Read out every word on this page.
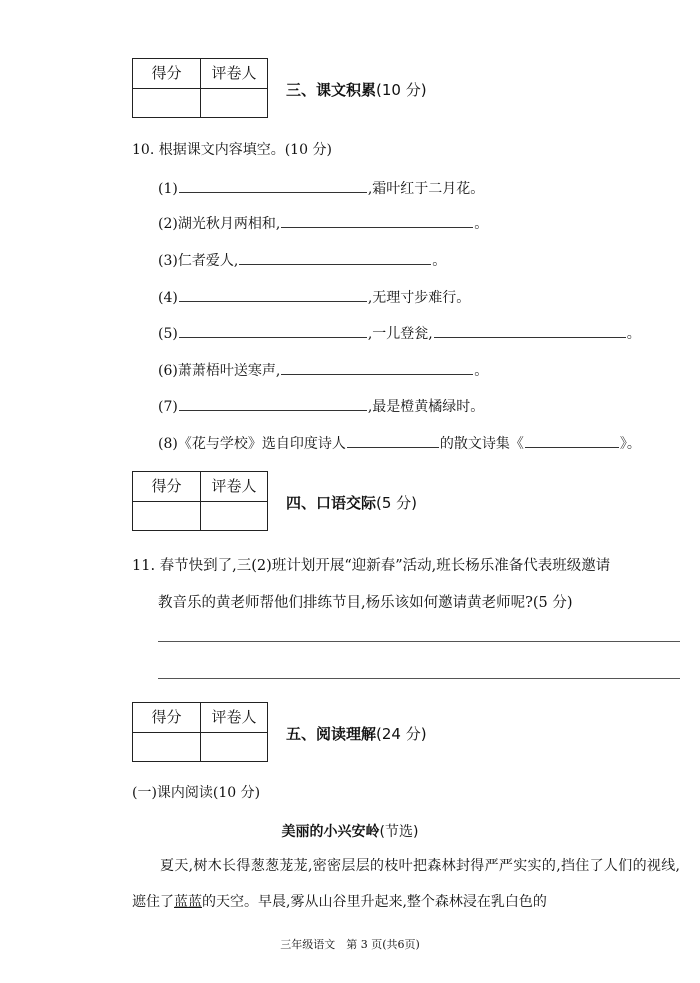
得分	评卷人
三、课文积累(10 分)
10. 根据课文内容填空。(10 分)
(1)	,霜叶红于二月花。
(2)湖光秋月两相和,	。
(3)仁者爱人,	。
(4)	,无理寸步难行。
(5)	,一儿登瓮,	。
(6)萧萧梧叶送寒声,	。
(7)	,最是橙黄橘绿时。
(8)《花与学校》选自印度诗人	的散文诗集《	》。
得分	评卷人
四、口语交际(5 分)
11. 春节快到了,三(2)班计划开展“迎新春”活动,班长杨乐准备代表班级邀请
教音乐的黄老师帮他们排练节目,杨乐该如何邀请黄老师呢?(5 分)
得分	评卷人
五、阅读理解(24 分)
(一)课内阅读(10 分)
美丽的小兴安岭(节选)
夏天,树木长得葱葱茏茏,密密层层的枝叶把森林封得严严实实的,挡住了人们的视线,遮住了蓝蓝的天空。早晨,雾从山谷里升起来,整个森林浸在乳白色的
三年级语文　第 3 页(共6页)
